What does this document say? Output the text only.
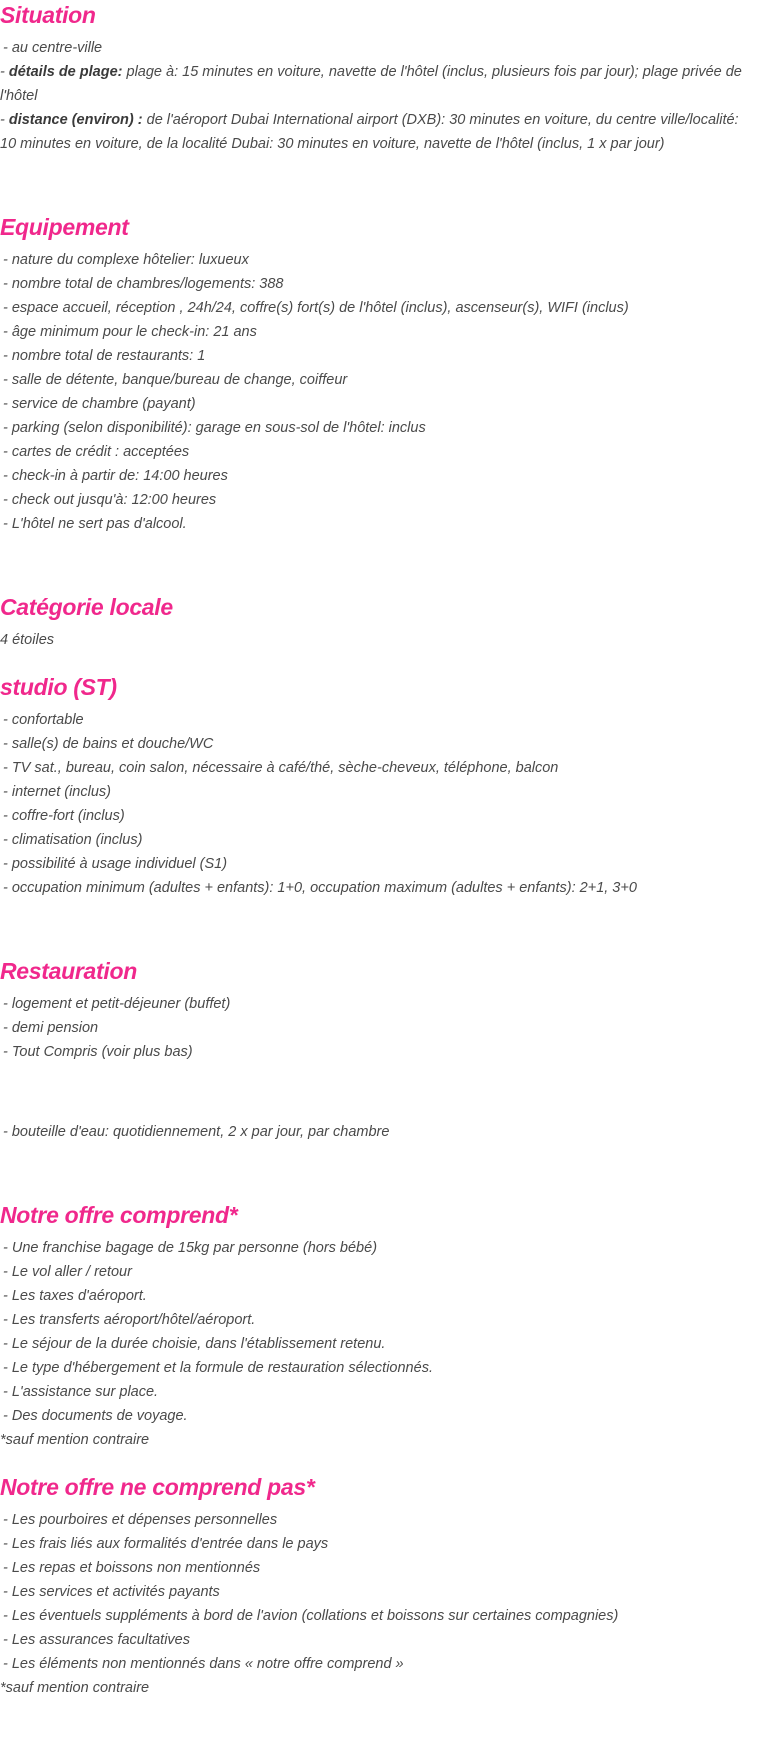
Situation

- au centre-ville

- détails de plage: plage à: 15 minutes en voiture, navette de l'hôtel (inclus, plusieurs fois par jour); plage privée de l'hôtel

- distance (environ) : de l'aéroport Dubai International airport (DXB): 30 minutes en voiture, du centre ville/localité: 10 minutes en voiture, de la localité Dubai: 30 minutes en voiture, navette de l'hôtel (inclus, 1 x par jour)

Equipement

- nature du complexe hôtelier: luxueux

- nombre total de chambres/logements: 388

- espace accueil, réception , 24h/24, coffre(s) fort(s) de l'hôtel (inclus), ascenseur(s), WIFI (inclus)

- âge minimum pour le check-in: 21 ans

- nombre total de restaurants: 1

- salle de détente, banque/bureau de change, coiffeur

- service de chambre (payant)

- parking (selon disponibilité): garage en sous-sol de l'hôtel: inclus

- cartes de crédit : acceptées

- check-in à partir de: 14:00 heures

- check out jusqu'à: 12:00 heures

- L'hôtel ne sert pas d'alcool.

Catégorie locale

4 étoiles

studio (ST)

- confortable

- salle(s) de bains et douche/WC

- TV sat., bureau, coin salon, nécessaire à café/thé, sèche-cheveux, téléphone, balcon

- internet (inclus)

- coffre-fort (inclus)

- climatisation (inclus)

- possibilité à usage individuel (S1)

- occupation minimum (adultes + enfants): 1+0, occupation maximum (adultes + enfants): 2+1, 3+0

Restauration

- logement et petit-déjeuner (buffet)

- demi pension

- Tout Compris (voir plus bas)

- bouteille d'eau: quotidiennement, 2 x par jour, par chambre

Notre offre comprend*

- Une franchise bagage de 15kg par personne (hors bébé)

- Le vol aller / retour

- Les taxes d'aéroport.

- Les transferts aéroport/hôtel/aéroport.

- Le séjour de la durée choisie, dans l'établissement retenu.

- Le type d'hébergement et la formule de restauration sélectionnés.

- L'assistance sur place.

- Des documents de voyage.

*sauf mention contraire

Notre offre ne comprend pas*

- Les pourboires et dépenses personnelles

- Les frais liés aux formalités d'entrée dans le pays

- Les repas et boissons non mentionnés

- Les services et activités payants

- Les éventuels suppléments à bord de l'avion (collations et boissons sur certaines compagnies)

- Les assurances facultatives

- Les éléments non mentionnés dans « notre offre comprend »

*sauf mention contraire
